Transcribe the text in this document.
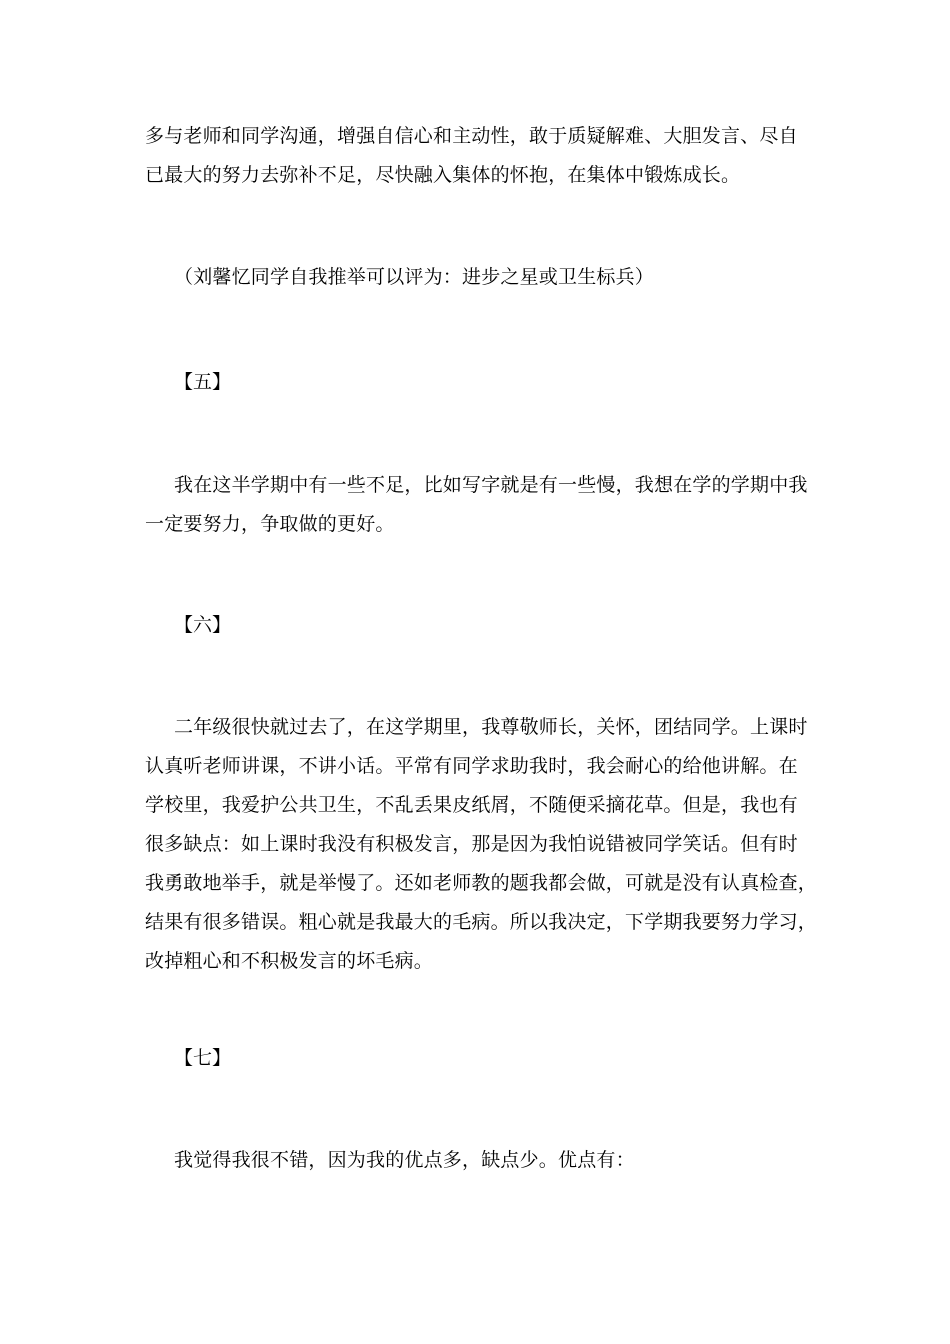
多与老师和同学沟通，增强自信心和主动性，敢于质疑解难、大胆发言、尽自
已最大的努力去弥补不足，尽快融入集体的怀抱，在集体中锻炼成长。
（刘馨忆同学自我推举可以评为：进步之星或卫生标兵）
【五】
我在这半学期中有一些不足，比如写字就是有一些慢，我想在学的学期中我
一定要努力，争取做的更好。
【六】
二年级很快就过去了，在这学期里，我尊敬师长，关怀，团结同学。上课时
认真听老师讲课，不讲小话。平常有同学求助我时，我会耐心的给他讲解。在
学校里，我爱护公共卫生，不乱丢果皮纸屑，不随便采摘花草。但是，我也有
很多缺点：如上课时我没有积极发言，那是因为我怕说错被同学笑话。但有时
我勇敢地举手，就是举慢了。还如老师教的题我都会做，可就是没有认真检查，
结果有很多错误。粗心就是我最大的毛病。所以我决定，下学期我要努力学习，
改掉粗心和不积极发言的坏毛病。
【七】
我觉得我很不错，因为我的优点多，缺点少。优点有：
